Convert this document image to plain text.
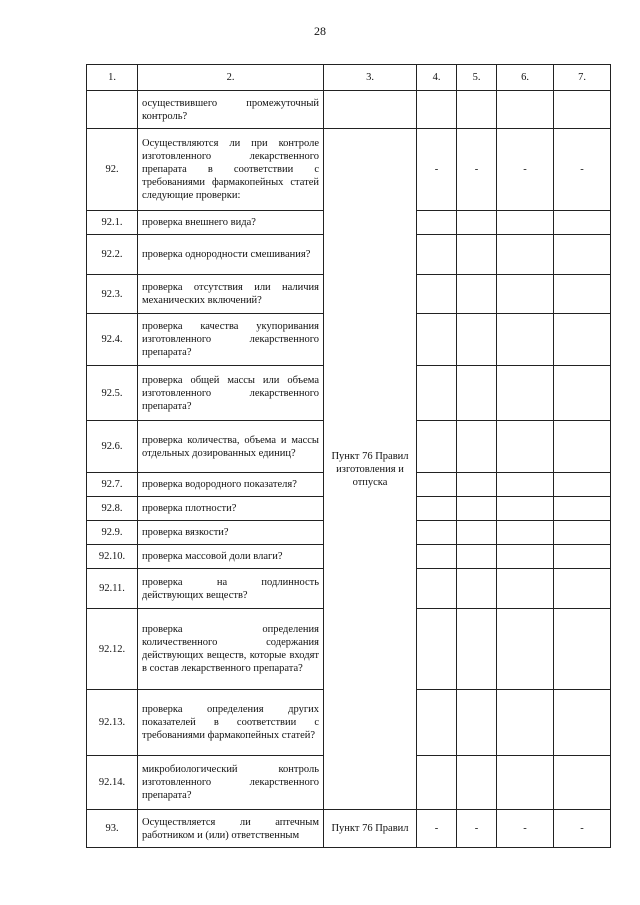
28
1.	2.	3.	4.	5.	6.	7.
	осуществившего промежуточный контроль?					
92.	Осуществляются ли при контроле изготовленного лекарственного препарата в соответствии с требованиями фармакопейных статей следующие проверки:	Пункт 76 Правил изготовления и отпуска	-	-	-	-
92.1.	проверка внешнего вида?					
92.2.	проверка однородности смешивания?					
92.3.	проверка отсутствия или наличия механических включений?					
92.4.	проверка качества укупоривания изготовленного лекарственного препарата?					
92.5.	проверка общей массы или объема изготовленного лекарственного препарата?					
92.6.	проверка количества, объема и массы отдельных дозированных единиц?					
92.7.	проверка водородного показателя?					
92.8.	проверка плотности?					
92.9.	проверка вязкости?					
92.10.	проверка массовой доли влаги?					
92.11.	проверка на подлинность действующих веществ?					
92.12.	проверка определения количественного содержания действующих веществ, которые входят в состав лекарственного препарата?					
92.13.	проверка определения других показателей в соответствии с требованиями фармакопейных статей?					
92.14.	микробиологический контроль изготовленного лекарственного препарата?					
93.	Осуществляется ли аптечным работником и (или) ответственным	Пункт 76 Правил	-	-	-	-
